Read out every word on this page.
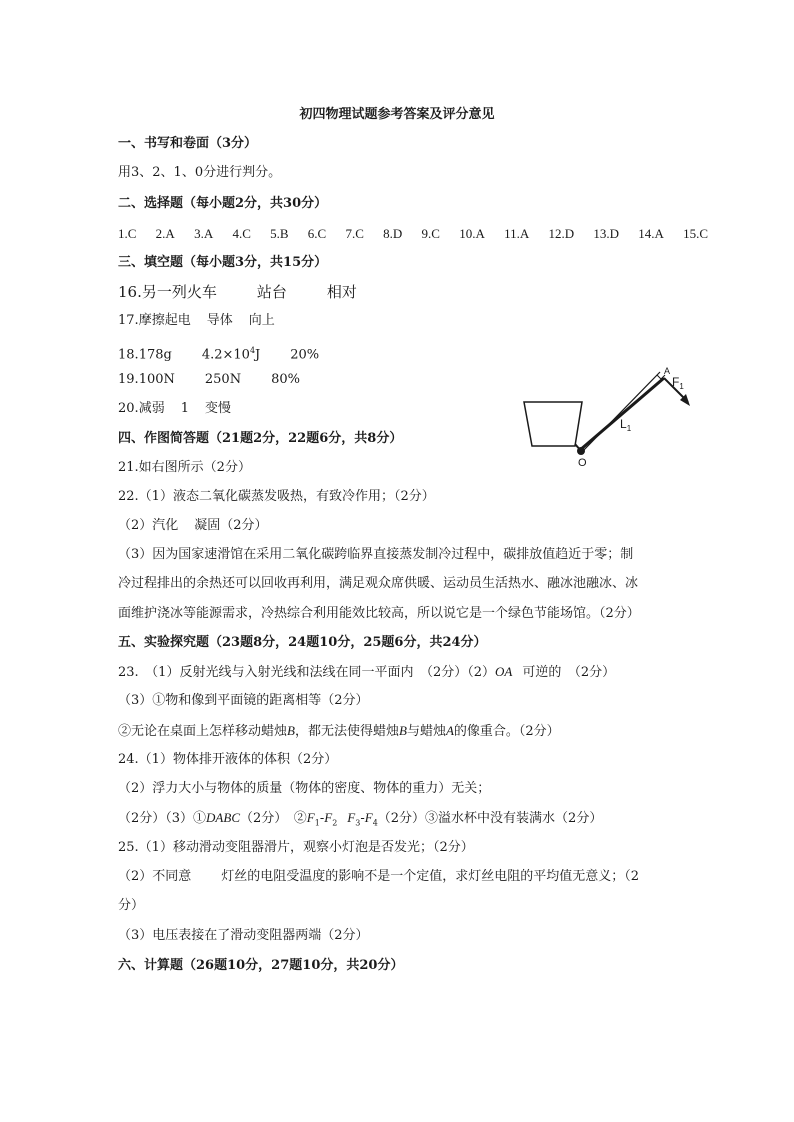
初四物理试题参考答案及评分意见
一、书写和卷面（3分）
用3、2、1、0分进行判分。
二、选择题（每小题2分，共30分）
1.C 2.A 3.A 4.C 5.B 6.C 7.C 8.D 9.C 10.A 11.A 12.D 13.D 14.A 15.C
三、填空题（每小题3分，共15分）
16.另一列火车	站台	相对
17.摩擦起电 导体 向上
18.178g $4.2\times 10^4J$ 20%
19.100N 250N 80%
20.减弱 1 变慢
O
A
$L_1$
$F_1$
四、作图简答题（21题2分，22题6分，共8分）
21.如右图所示（2分）
22.（1）液态二氧化碳蒸发吸热，有致冷作用；（2分）
（2）汽化 凝固（2分）
（3）因为国家速滑馆在采用二氧化碳跨临界直接蒸发制冷过程中，碳排放值趋近于零；制
冷过程排出的余热还可以回收再利用，满足观众席供暖、运动员生活热水、融冰池融冰、冰
面维护浇冰等能源需求，冷热综合利用能效比较高，所以说它是一个绿色节能场馆。（2分）
五、实验探究题（23题8分，24题10分，25题6分，共24分）
23.　（1）反射光线与入射光线和法线在同一平面内　（2分）（2）OA 可逆的　（2分）
（3）①物和像到平面镜的距离相等（2分）
②无论在桌面上怎样移动蜡烛B，都无法使得蜡烛B与蜡烛A的像重合。（2分）
24.（1）物体排开液体的体积（2分）
（2）浮力大小与物体的质量（物体的密度、物体的重力）无关；
（2分）（3）①DABC（2分）　$②F_1-F_2$ $F_3-F_4(2$分）③溢水杯中没有装满水（2分）
25.（1）移动滑动变阻器滑片，观察小灯泡是否发光；（2分）
（2）不同意 灯丝的电阻受温度的影响不是一个定值，求灯丝电阻的平均值无意义；（2
分）
（3）电压表接在了滑动变阻器两端（2分）
六、计算题（26题10分，27题10分，共20分）
